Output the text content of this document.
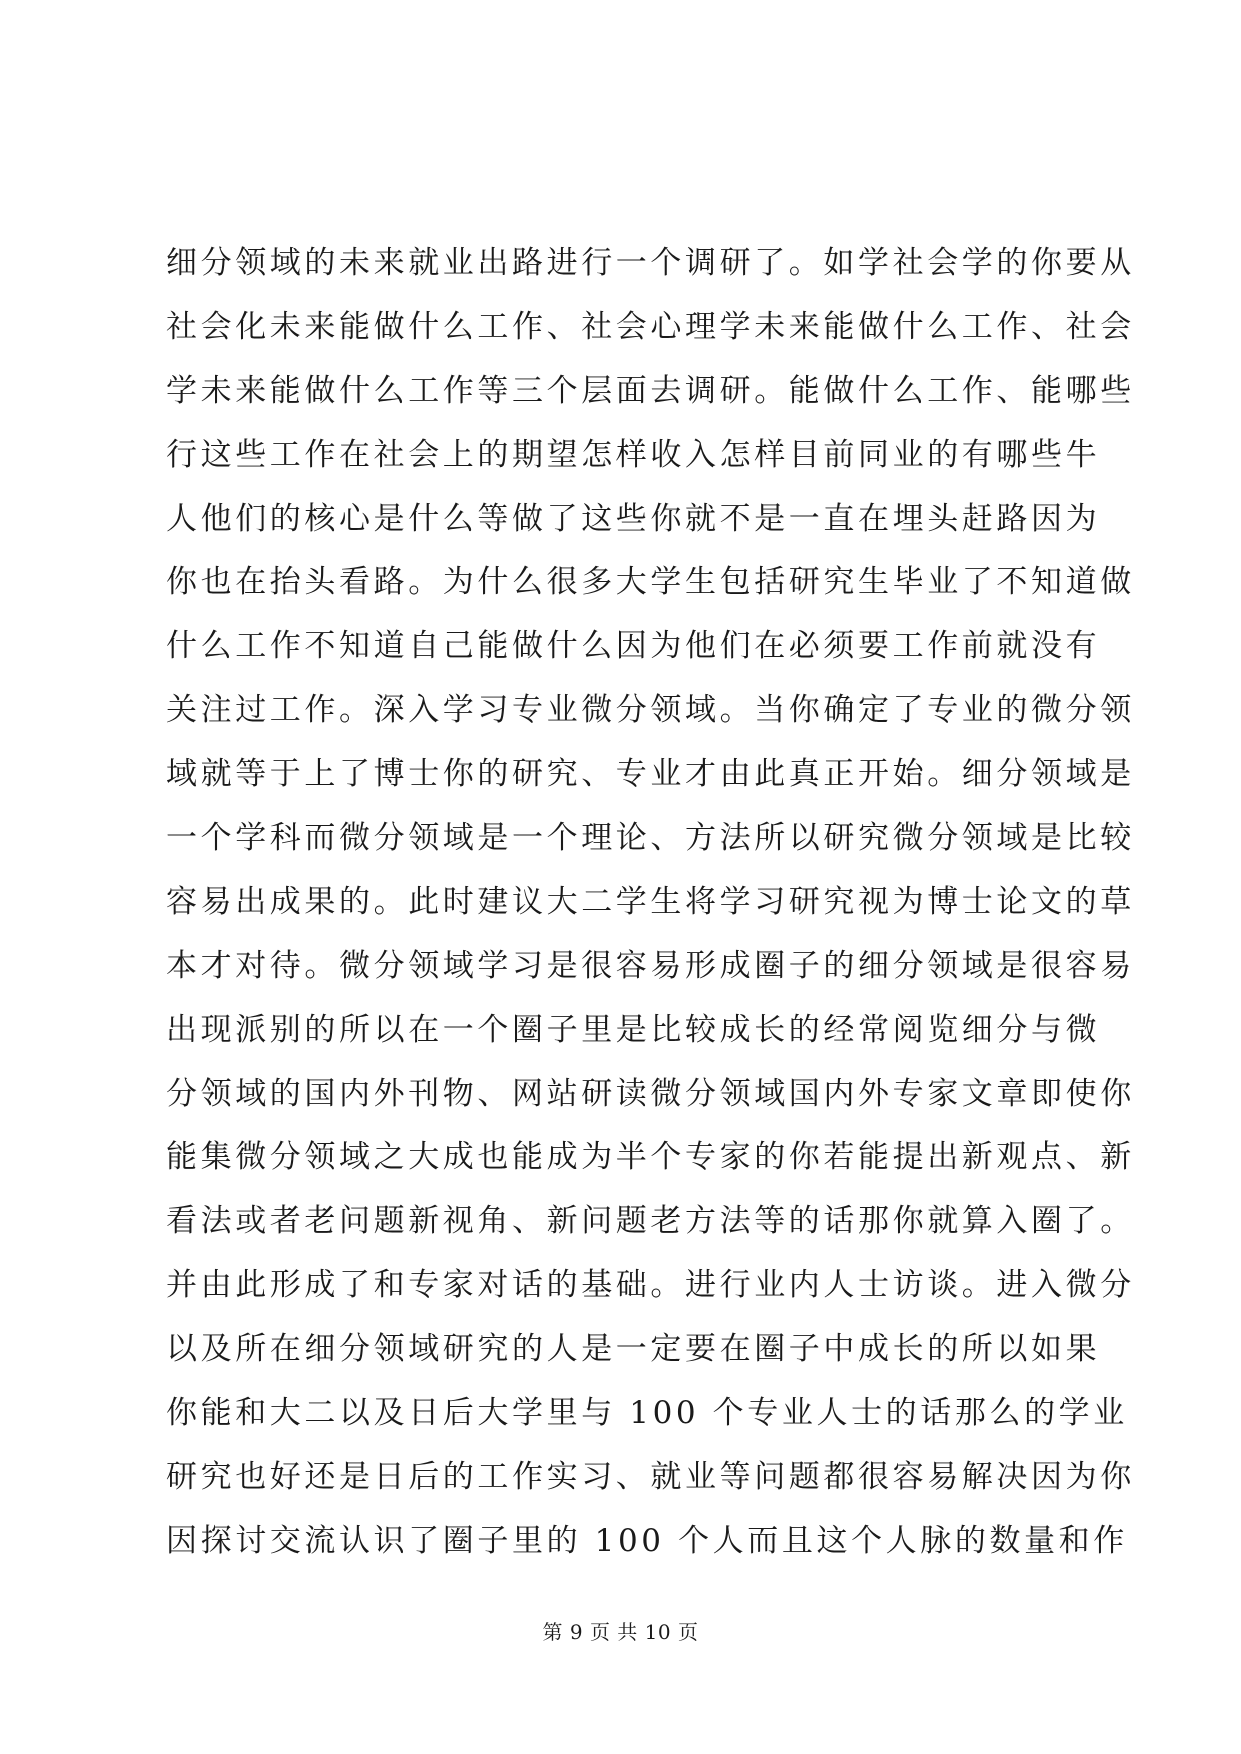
细分领域的未来就业出路进行一个调研了。如学社会学的你要从
社会化未来能做什么工作、社会心理学未来能做什么工作、社会
学未来能做什么工作等三个层面去调研。能做什么工作、能哪些
行这些工作在社会上的期望怎样收入怎样目前同业的有哪些牛
人他们的核心是什么等做了这些你就不是一直在埋头赶路因为
你也在抬头看路。为什么很多大学生包括研究生毕业了不知道做
什么工作不知道自己能做什么因为他们在必须要工作前就没有
关注过工作。深入学习专业微分领域。当你确定了专业的微分领
域就等于上了博士你的研究、专业才由此真正开始。细分领域是
一个学科而微分领域是一个理论、方法所以研究微分领域是比较
容易出成果的。此时建议大二学生将学习研究视为博士论文的草
本才对待。微分领域学习是很容易形成圈子的细分领域是很容易
出现派别的所以在一个圈子里是比较成长的经常阅览细分与微
分领域的国内外刊物、网站研读微分领域国内外专家文章即使你
能集微分领域之大成也能成为半个专家的你若能提出新观点、新
看法或者老问题新视角、新问题老方法等的话那你就算入圈了。
并由此形成了和专家对话的基础。进行业内人士访谈。进入微分
以及所在细分领域研究的人是一定要在圈子中成长的所以如果
你能和大二以及日后大学里与 100 个专业人士的话那么的学业
研究也好还是日后的工作实习、就业等问题都很容易解决因为你
因探讨交流认识了圈子里的 100 个人而且这个人脉的数量和作
第 9 页 共 10 页
